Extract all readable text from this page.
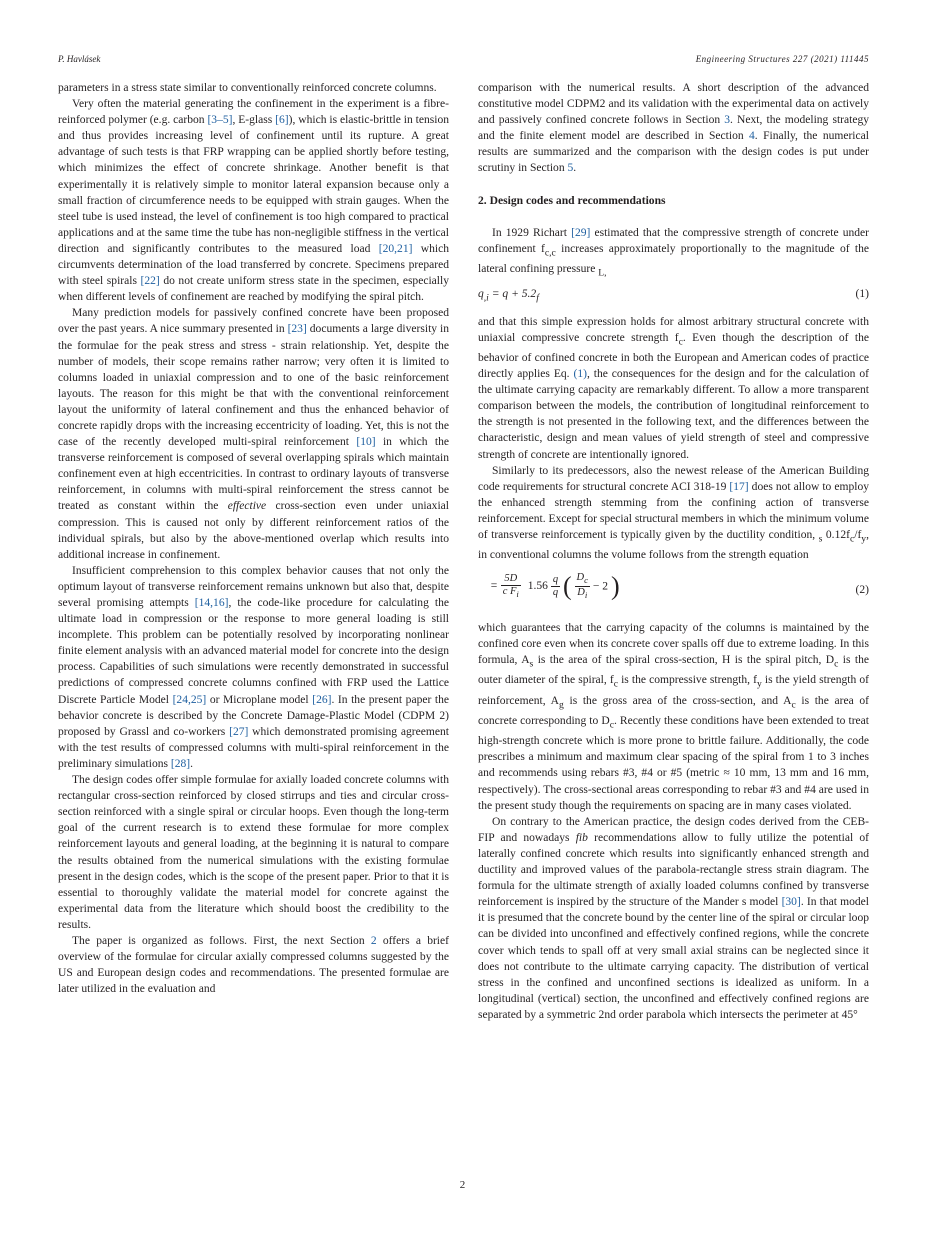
P. Havlásek	Engineering Structures 227 (2021) 111445

parameters in a stress state similar to conventionally reinforced concrete columns.

Very often the material generating the confinement in the experiment is a fibre-reinforced polymer (e.g. carbon [3–5], E-glass [6]), which is elastic-brittle in tension and thus provides increasing level of confinement until its rupture. A great advantage of such tests is that FRP wrapping can be applied shortly before testing, which minimizes the effect of concrete shrinkage. Another benefit is that experimentally it is relatively simple to monitor lateral expansion because only a small fraction of circumference needs to be equipped with strain gauges. When the steel tube is used instead, the level of confinement is too high compared to practical applications and at the same time the tube has non-negligible stiffness in the vertical direction and significantly contributes to the measured load [20,21] which circumvents determination of the load transferred by concrete. Specimens prepared with steel spirals [22] do not create uniform stress state in the specimen, especially when different levels of confinement are reached by modifying the spiral pitch.

Many prediction models for passively confined concrete have been proposed over the past years. A nice summary presented in [23] documents a large diversity in the formulae for the peak stress and stress - strain relationship. Yet, despite the number of models, their scope remains rather narrow; very often it is limited to columns loaded in uniaxial compression and to one of the basic reinforcement layouts. The reason for this might be that with the conventional reinforcement layout the uniformity of lateral confinement and thus the enhanced behavior of concrete rapidly drops with the increasing eccentricity of loading. Yet, this is not the case of the recently developed multi-spiral reinforcement [10] in which the transverse reinforcement is composed of several overlapping spirals which maintain confinement even at high eccentricities. In contrast to ordinary layouts of transverse reinforcement, in columns with multi-spiral reinforcement the stress cannot be treated as constant within the effective cross-section even under uniaxial compression. This is caused not only by different reinforcement ratios of the individual spirals, but also by the above-mentioned overlap which results into additional increase in confinement.

Insufficient comprehension to this complex behavior causes that not only the optimum layout of transverse reinforcement remains unknown but also that, despite several promising attempts [14,16], the code-like procedure for calculating the ultimate load in compression or the response to more general loading is still incomplete. This problem can be potentially resolved by incorporating nonlinear finite element analysis with an advanced material model for concrete into the design process. Capabilities of such simulations were recently demonstrated in successful predictions of compressed concrete columns confined with FRP used the Lattice Discrete Particle Model [24,25] or Microplane model [26]. In the present paper the behavior concrete is described by the Concrete Damage-Plastic Model (CDPM 2) proposed by Grassl and co-workers [27] which demonstrated promising agreement with the test results of compressed columns with multi-spiral reinforcement in the preliminary simulations [28].

The design codes offer simple formulae for axially loaded concrete columns with rectangular cross-section reinforced by closed stirrups and ties and circular cross-section reinforced with a single spiral or circular hoops. Even though the long-term goal of the current research is to extend these formulae for more complex reinforcement layouts and general loading, at the beginning it is natural to compare the results obtained from the numerical simulations with the existing formulae present in the design codes, which is the scope of the present paper. Prior to that it is essential to thoroughly validate the material model for concrete against the experimental data from the literature which should boost the credibility to the results.

The paper is organized as follows. First, the next Section 2 offers a brief overview of the formulae for circular axially compressed columns suggested by the US and European design codes and recommendations. The presented formulae are later utilized in the evaluation and

comparison with the numerical results. A short description of the advanced constitutive model CDPM2 and its validation with the experimental data on actively and passively confined concrete follows in Section 3. Next, the modeling strategy and the finite element model are described in Section 4. Finally, the numerical results are summarized and the comparison with the design codes is put under scrutiny in Section 5.

2. Design codes and recommendations

In 1929 Richart [29] estimated that the compressive strength of concrete under confinement $f_{c,c}$ increases approximately proportionally to the magnitude of the lateral confining pressure $_{L,}$

$q_{,i} = q + 5.2_f$	(1)

and that this simple expression holds for almost arbitrary structural concrete with uniaxial compressive concrete strength $f_c$. Even though the description of the behavior of confined concrete in both the European and American codes of practice directly applies Eq. (1), the consequences for the design and for the calculation of the ultimate carrying capacity are remarkably different. To allow a more transparent comparison between the models, the contribution of longitudinal reinforcement to the strength is not presented in the following text, and the differences between the characteristic, design and mean values of yield strength of steel and compressive strength of concrete are intentionally ignored.

Similarly to its predecessors, also the newest release of the American Building code requirements for structural concrete ACI 318-19 [17] does not allow to employ the enhanced strength stemming from the confining action of transverse reinforcement. Except for special structural members in which the minimum volume of transverse reinforcement is typically given by the ductility condition, $_s$ $0.12f_c/f_y$, in conventional columns the volume follows from the strength equation

= $\frac{5D}{c F_i} 1.56 \frac{q}{q}$ ( $\frac{D_c}{D_i} - 2$ )	(2)

which guarantees that the carrying capacity of the columns is maintained by the confined core even when its concrete cover spalls off due to extreme loading. In this formula, $A_s$ is the area of the spiral cross-section, H is the spiral pitch, $D_c$ is the outer diameter of the spiral, $f_c$ is the compressive strength, $f_y$ is the yield strength of reinforcement, $A_g$ is the gross area of the cross-section, and $A_c$ is the area of concrete corresponding to $D_c$. Recently these conditions have been extended to treat high-strength concrete which is more prone to brittle failure. Additionally, the code prescribes a minimum and maximum clear spacing of the spiral from 1 to 3 inches and recommends using rebars #3, #4 or #5 (metric ≈ 10 mm, 13 mm and 16 mm, respectively). The cross-sectional areas corresponding to rebar #3 and #4 are used in the present study though the requirements on spacing are in many cases violated.

On contrary to the American practice, the design codes derived from the CEB-FIP and nowadays fib recommendations allow to fully utilize the potential of laterally confined concrete which results into significantly enhanced strength and ductility and improved values of the parabola-rectangle stress strain diagram. The formula for the ultimate strength of axially loaded columns confined by transverse reinforcement is inspired by the structure of the Mander s model [30]. In that model it is presumed that the concrete bound by the center line of the spiral or circular loop can be divided into unconfined and effectively confined regions, while the concrete cover which tends to spall off at very small axial strains can be neglected since it does not contribute to the ultimate carrying capacity. The distribution of vertical stress in the confined and unconfined sections is idealized as uniform. In a longitudinal (vertical) section, the unconfined and effectively confined regions are separated by a symmetric 2nd order parabola which intersects the perimeter at 45°

2
